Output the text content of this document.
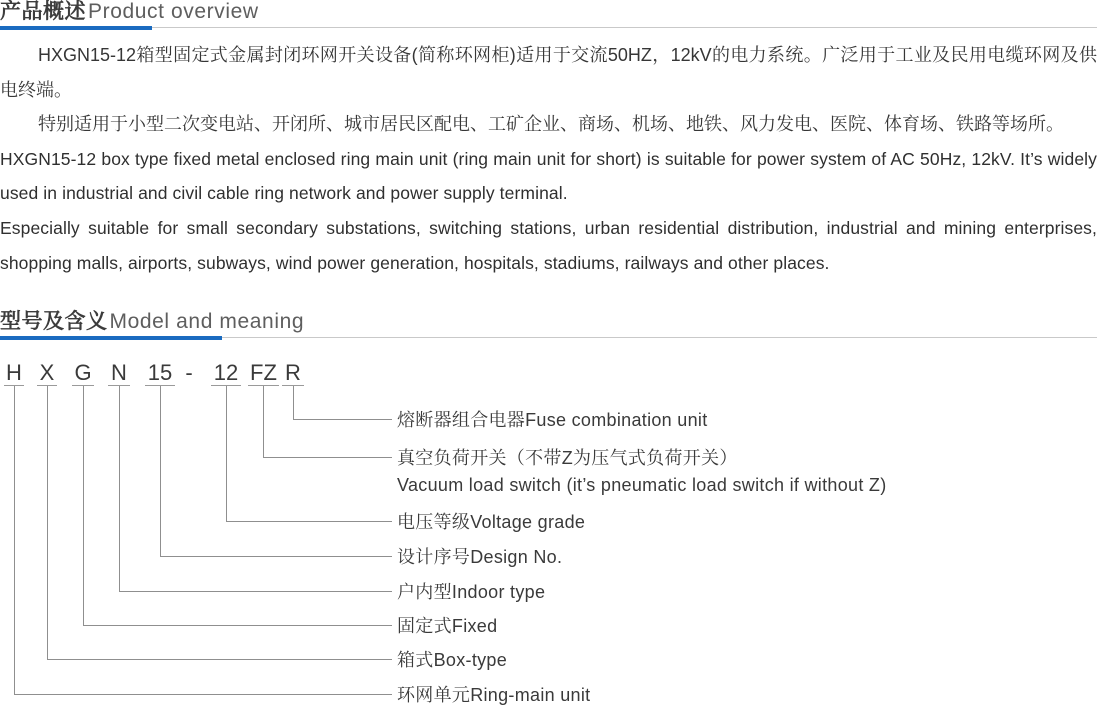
产品概述Product overview

HXGN15-12箱型固定式金属封闭环网开关设备(简称环网柜)适用于交流50HZ，12kV的电力系统。广泛用于工业及民用电缆环网及供电终端。

特别适用于小型二次变电站、开闭所、城市居民区配电、工矿企业、商场、机场、地铁、风力发电、医院、体育场、铁路等场所。

HXGN15-12 box type fixed metal enclosed ring main unit (ring main unit for short) is suitable for power system of AC 50Hz, 12kV. It’s widely used in industrial and civil cable ring network and power supply terminal.

Especially suitable for small secondary substations, switching stations, urban residential distribution, industrial and mining enterprises, shopping malls, airports, subways, wind power generation, hospitals, stadiums, railways and other places.

型号及含义Model and meaning
H X G N 15 - 12 FZ R
熔断器组合电器Fuse combination unit
真空负荷开关（不带Z为压气式负荷开关）
Vacuum load switch (it’s pneumatic load switch if without Z)
电压等级Voltage grade
设计序号Design No.
户内型Indoor type
固定式Fixed
箱式Box-type
环网单元Ring-main unit
